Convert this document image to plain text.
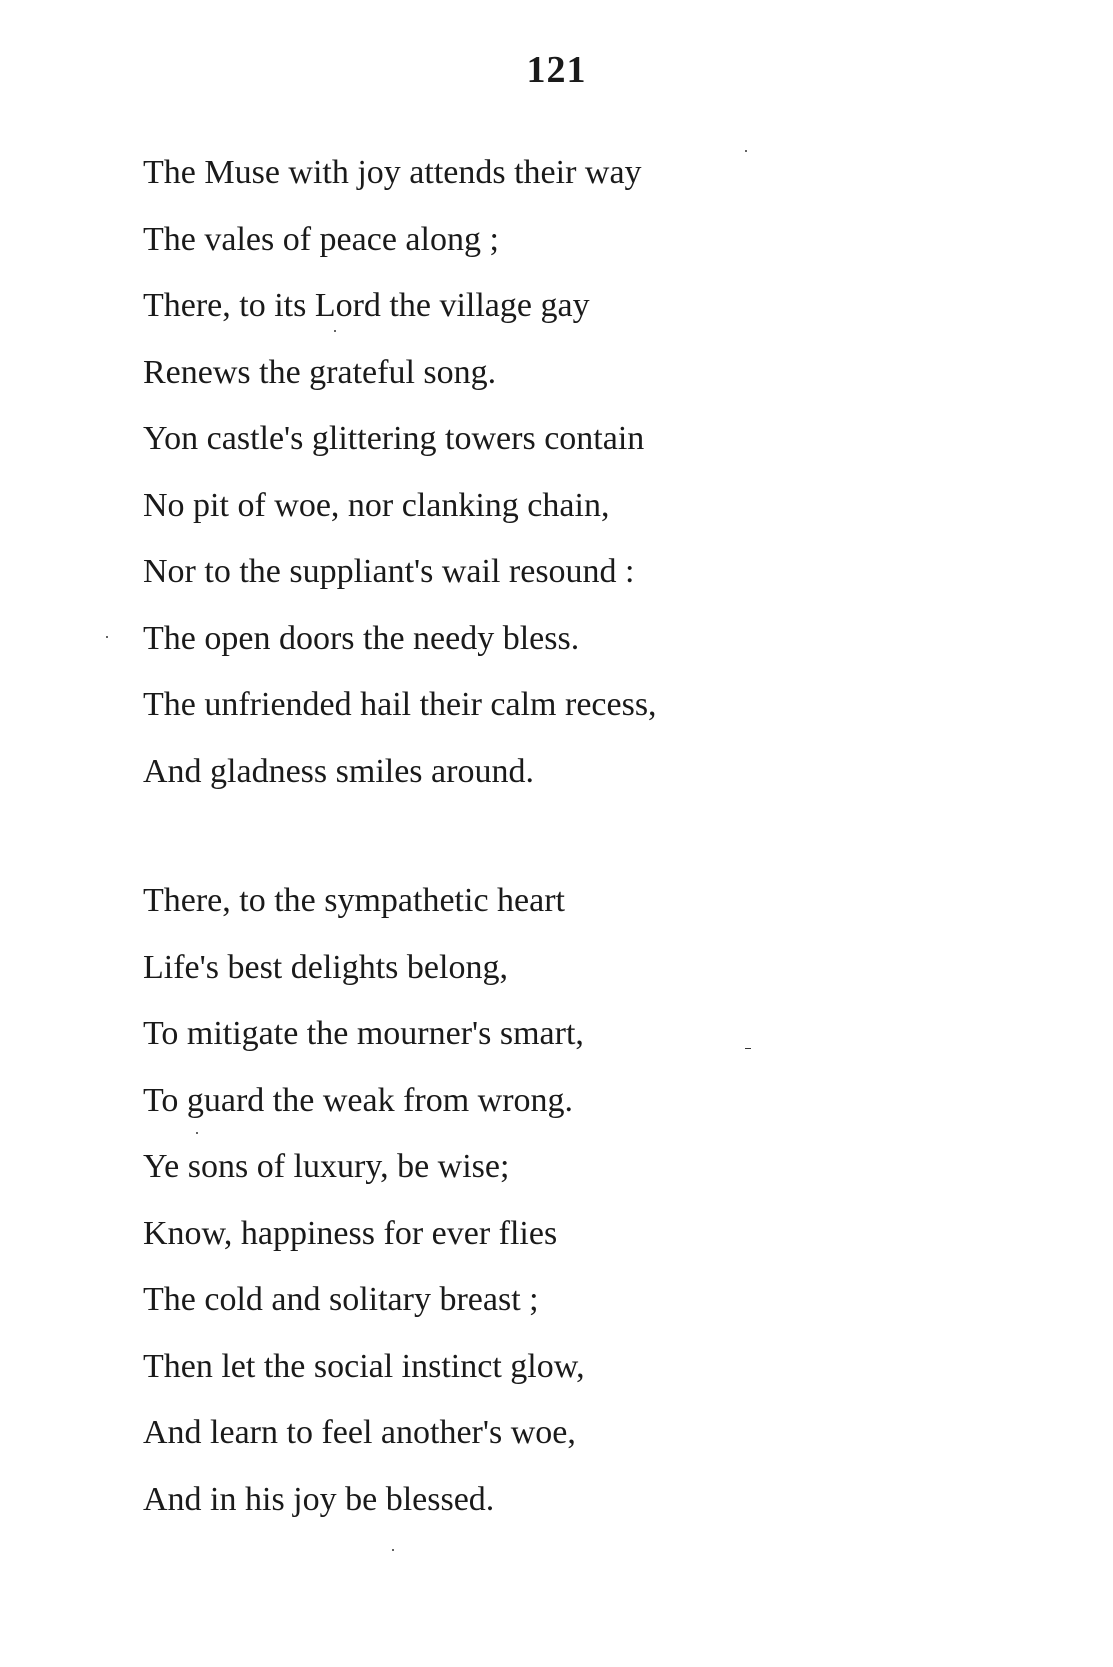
121
The Muse with joy attends their way
The vales of peace along ;
There, to its Lord the village gay
Renews the grateful song.
Yon castle's glittering towers contain
No pit of woe, nor clanking chain,
Nor to the suppliant's wail resound :
The open doors the needy bless.
The unfriended hail their calm recess,
And gladness smiles around.
There, to the sympathetic heart
Life's best delights belong,
To mitigate the mourner's smart,
To guard the weak from wrong.
Ye sons of luxury, be wise;
Know, happiness for ever flies
The cold and solitary breast ;
Then let the social instinct glow,
And learn to feel another's woe,
And in his joy be blessed.
